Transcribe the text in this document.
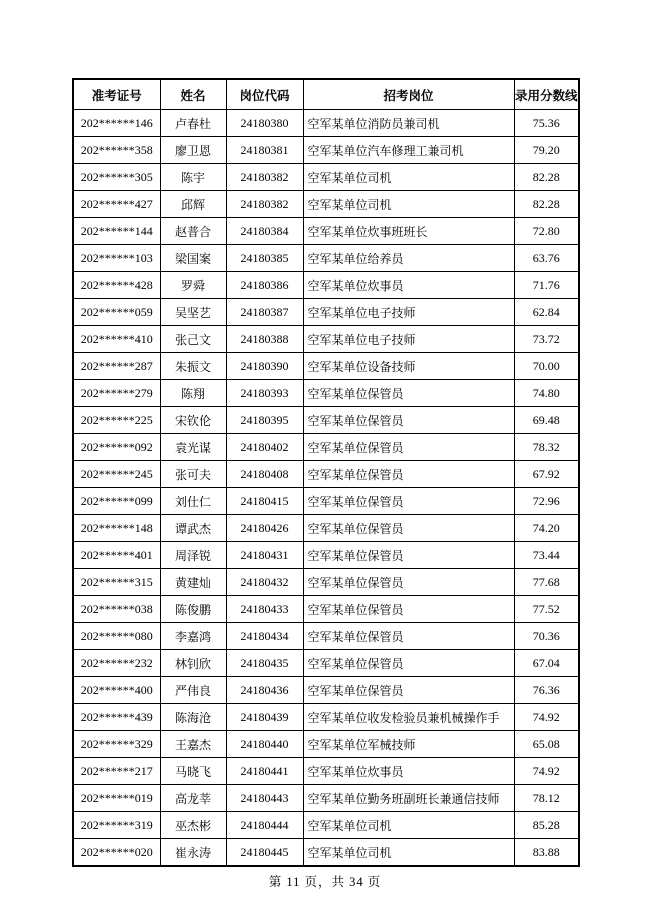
准考证号	姓名	岗位代码	招考岗位	录用分数线
202******146	卢春杜	24180380	空军某单位消防员兼司机	75.36
202******358	廖卫恩	24180381	空军某单位汽车修理工兼司机	79.20
202******305	陈宇	24180382	空军某单位司机	82.28
202******427	邱辉	24180382	空军某单位司机	82.28
202******144	赵普合	24180384	空军某单位炊事班班长	72.80
202******103	梁国案	24180385	空军某单位给养员	63.76
202******428	罗舜	24180386	空军某单位炊事员	71.76
202******059	吴坚艺	24180387	空军某单位电子技师	62.84
202******410	张己文	24180388	空军某单位电子技师	73.72
202******287	朱振文	24180390	空军某单位设备技师	70.00
202******279	陈翔	24180393	空军某单位保管员	74.80
202******225	宋钦伦	24180395	空军某单位保管员	69.48
202******092	袁光谋	24180402	空军某单位保管员	78.32
202******245	张可夫	24180408	空军某单位保管员	67.92
202******099	刘仕仁	24180415	空军某单位保管员	72.96
202******148	谭武杰	24180426	空军某单位保管员	74.20
202******401	周泽锐	24180431	空军某单位保管员	73.44
202******315	黄建灿	24180432	空军某单位保管员	77.68
202******038	陈俊鹏	24180433	空军某单位保管员	77.52
202******080	李嘉鸿	24180434	空军某单位保管员	70.36
202******232	林钊欣	24180435	空军某单位保管员	67.04
202******400	严伟良	24180436	空军某单位保管员	76.36
202******439	陈海沧	24180439	空军某单位收发检验员兼机械操作手	74.92
202******329	王嘉杰	24180440	空军某单位军械技师	65.08
202******217	马晓飞	24180441	空军某单位炊事员	74.92
202******019	高龙莘	24180443	空军某单位勤务班副班长兼通信技师	78.12
202******319	巫杰彬	24180444	空军某单位司机	85.28
202******020	崔永涛	24180445	空军某单位司机	83.88
第 11 页，共 34 页
